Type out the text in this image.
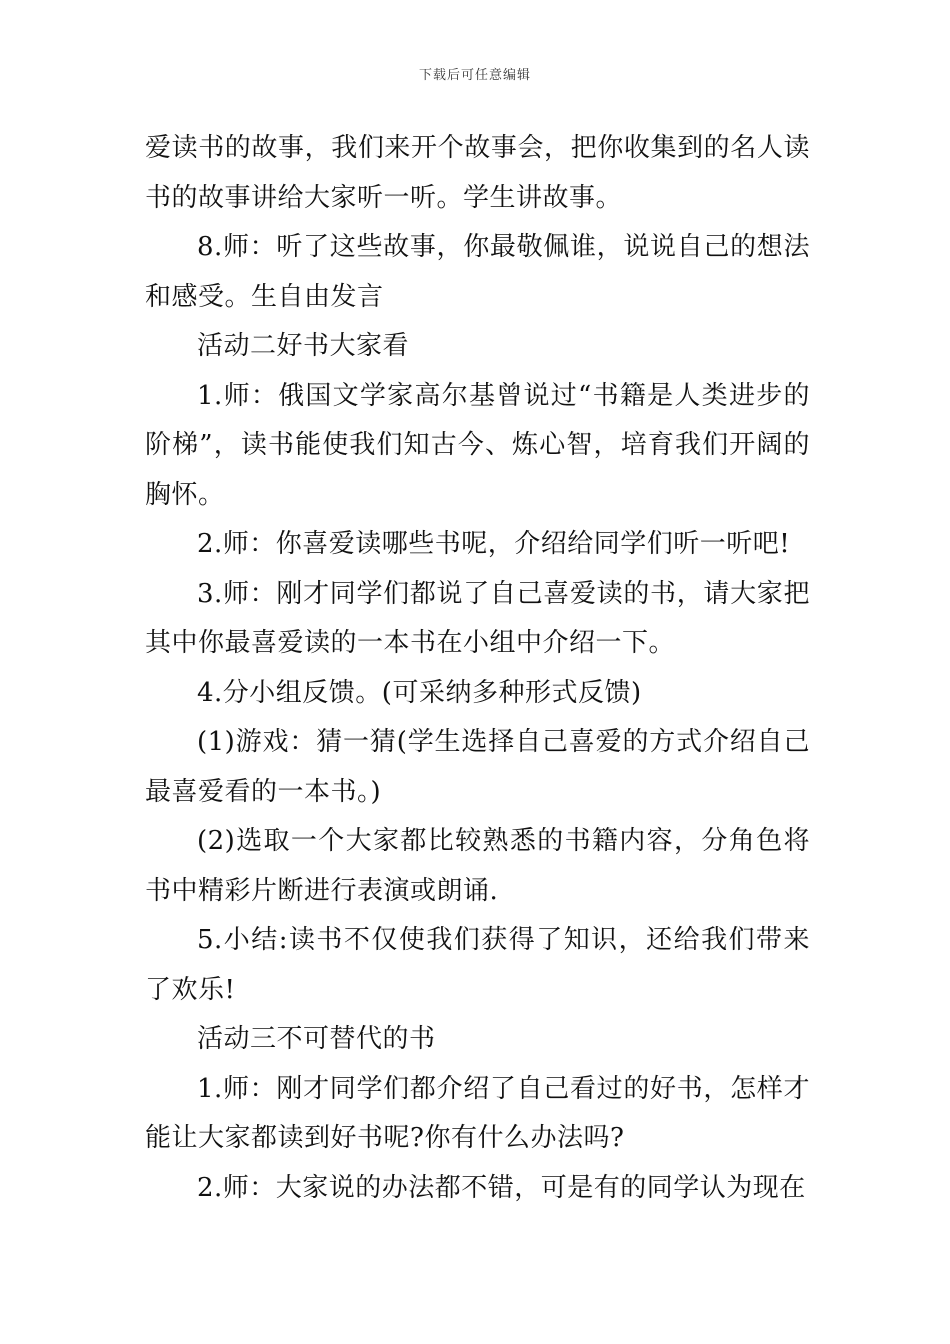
下载后可任意编辑

爱读书的故事，我们来开个故事会，把你收集到的名人读书的故事讲给大家听一听。学生讲故事。

8.师：听了这些故事，你最敬佩谁，说说自己的想法和感受。生自由发言

活动二好书大家看

1.师：俄国文学家高尔基曾说过“书籍是人类进步的阶梯”，读书能使我们知古今、炼心智，培育我们开阔的胸怀。

2.师：你喜爱读哪些书呢，介绍给同学们听一听吧!

3.师：刚才同学们都说了自己喜爱读的书，请大家把其中你最喜爱读的一本书在小组中介绍一下。

4.分小组反馈。(可采纳多种形式反馈)

(1)游戏：猜一猜(学生选择自己喜爱的方式介绍自己最喜爱看的一本书。)

(2)选取一个大家都比较熟悉的书籍内容，分角色将书中精彩片断进行表演或朗诵.

5.小结:读书不仅使我们获得了知识，还给我们带来了欢乐!

活动三不可替代的书

1.师：刚才同学们都介绍了自己看过的好书，怎样才能让大家都读到好书呢?你有什么办法吗?

2.师：大家说的办法都不错，可是有的同学认为现在
